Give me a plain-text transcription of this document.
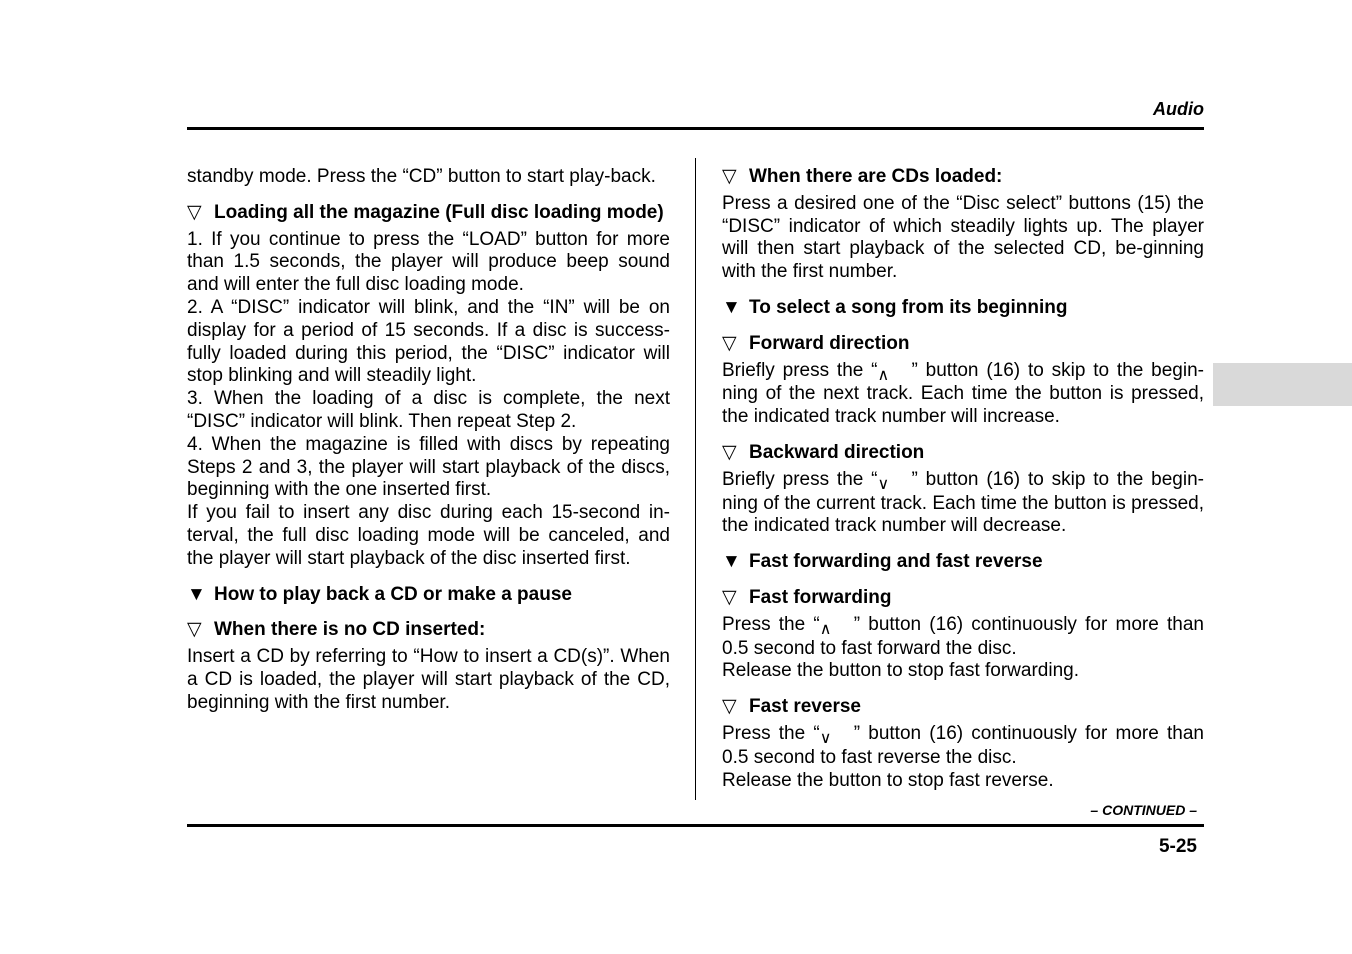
Audio

standby mode. Press the “CD” button to start play-back.

▽ Loading all the magazine (Full disc loading mode)

1. If you continue to press the “LOAD” button for more than 1.5 seconds, the player will produce beep sound and will enter the full disc loading mode.

2. A “DISC” indicator will blink, and the “IN” will be on display for a period of 15 seconds. If a disc is success-fully loaded during this period, the “DISC” indicator will stop blinking and will steadily light.

3. When the loading of a disc is complete, the next “DISC” indicator will blink. Then repeat Step 2.

4. When the magazine is filled with discs by repeating Steps 2 and 3, the player will start playback of the discs, beginning with the one inserted first.

If you fail to insert any disc during each 15-second in-terval, the full disc loading mode will be canceled, and the player will start playback of the disc inserted first.

▼ How to play back a CD or make a pause
▽ When there is no CD inserted:

Insert a CD by referring to “How to insert a CD(s)”. When a CD is loaded, the player will start playback of the CD, beginning with the first number.

▽ When there are CDs loaded:

Press a desired one of the “Disc select” buttons (15) the “DISC” indicator of which steadily lights up. The player will then start playback of the selected CD, be-ginning with the first number.

▼ To select a song from its beginning
▽ Forward direction

Briefly press the “∧ ” button (16) to skip to the begin-ning of the next track. Each time the button is pressed, the indicated track number will increase.

▽ Backward direction

Briefly press the “∨ ” button (16) to skip to the begin-ning of the current track. Each time the button is pressed, the indicated track number will decrease.

▼ Fast forwarding and fast reverse
▽ Fast forwarding

Press the “∧ ” button (16) continuously for more than 0.5 second to fast forward the disc.

Release the button to stop fast forwarding.

▽ Fast reverse

Press the “∨ ” button (16) continuously for more than 0.5 second to fast reverse the disc.

Release the button to stop fast reverse.

– CONTINUED –
5-25
